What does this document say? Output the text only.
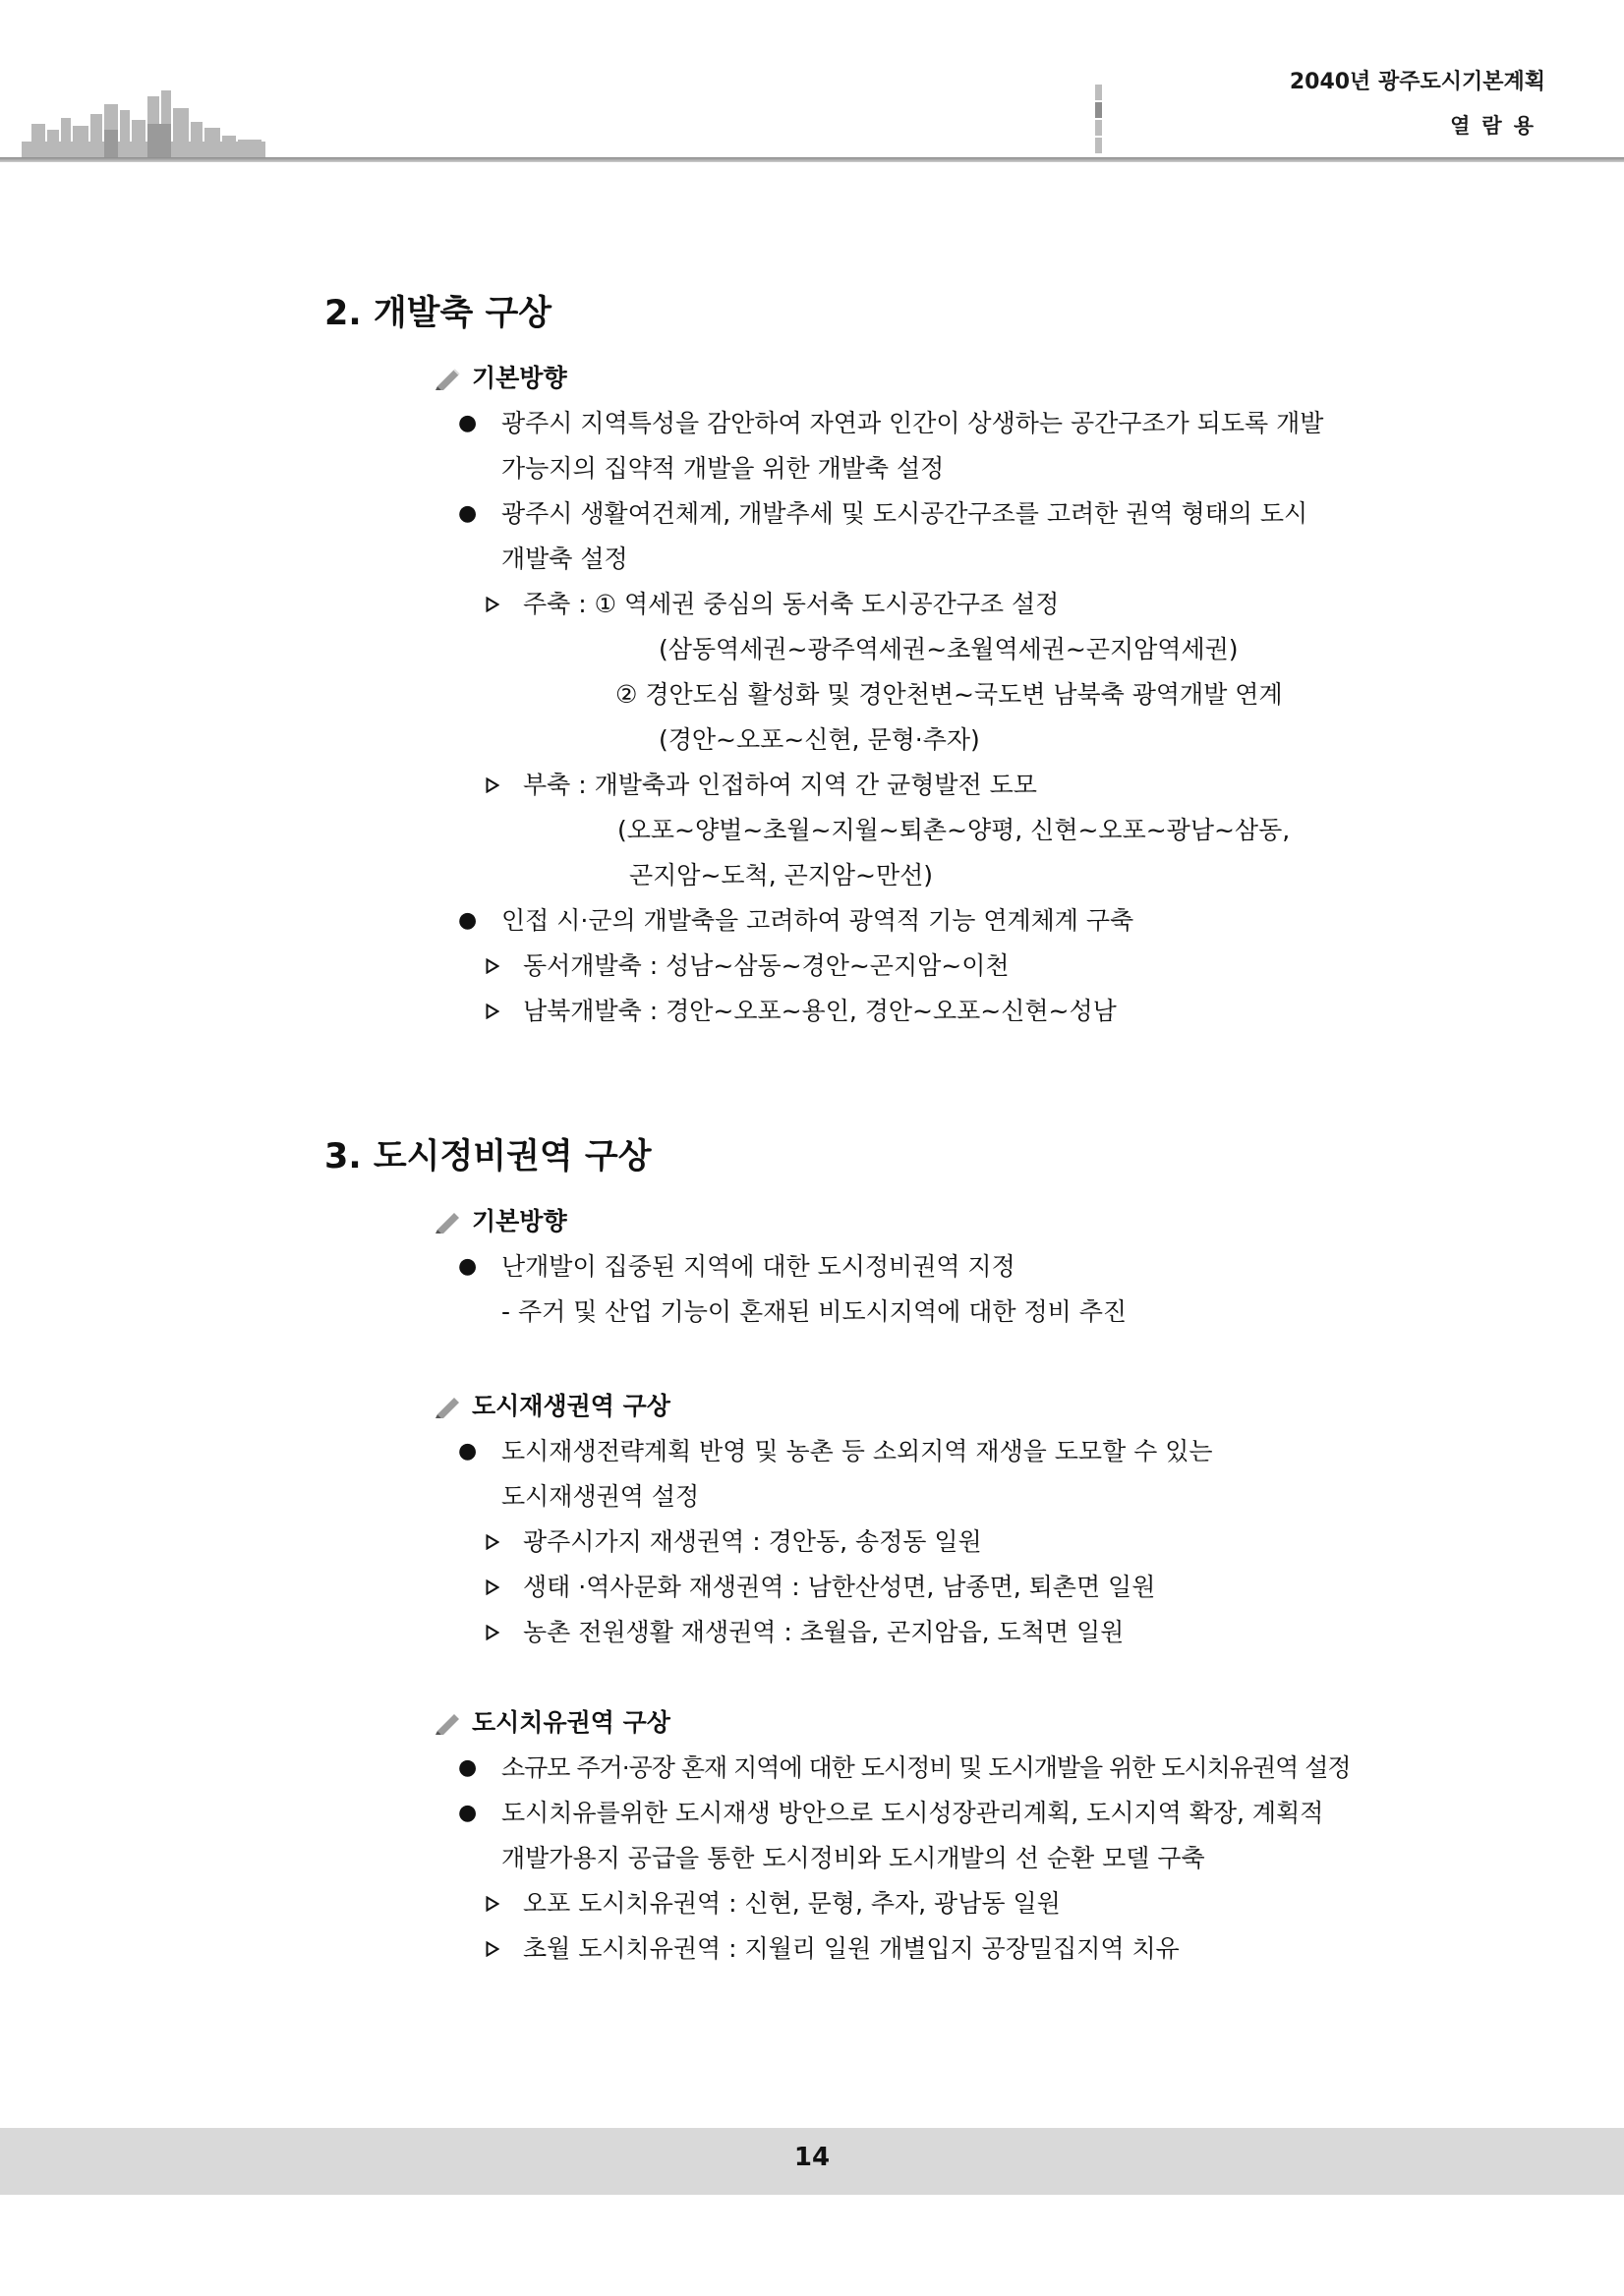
2040년 광주도시기본계획
열람용
2. 개발축 구상
기본방향
● 광주시 지역특성을 감안하여 자연과 인간이 상생하는 공간구조가 되도록 개발
가능지의 집약적 개발을 위한 개발축 설정
● 광주시 생활여건체계, 개발추세 및 도시공간구조를 고려한 권역 형태의 도시
개발축 설정
주축 : ① 역세권 중심의 동서축 도시공간구조 설정
(삼동역세권~광주역세권~초월역세권~곤지암역세권)
② 경안도심 활성화 및 경안천변~국도변 남북축 광역개발 연계
(경안~오포~신현, 문형·추자)
부축 : 개발축과 인접하여 지역 간 균형발전 도모
(오포~양벌~초월~지월~퇴촌~양평, 신현~오포~광남~삼동,
곤지암~도척, 곤지암~만선)
● 인접 시·군의 개발축을 고려하여 광역적 기능 연계체계 구축
동서개발축 : 성남~삼동~경안~곤지암~이천
남북개발축 : 경안~오포~용인, 경안~오포~신현~성남
3. 도시정비권역 구상
기본방향
● 난개발이 집중된 지역에 대한 도시정비권역 지정
- 주거 및 산업 기능이 혼재된 비도시지역에 대한 정비 추진
도시재생권역 구상
● 도시재생전략계획 반영 및 농촌 등 소외지역 재생을 도모할 수 있는
도시재생권역 설정
광주시가지 재생권역 : 경안동, 송정동 일원
생태 ·역사문화 재생권역 : 남한산성면, 남종면, 퇴촌면 일원
농촌 전원생활 재생권역 : 초월읍, 곤지암읍, 도척면 일원
도시치유권역 구상
● 소규모 주거·공장 혼재 지역에 대한 도시정비 및 도시개발을 위한 도시치유권역 설정
● 도시치유를위한 도시재생 방안으로 도시성장관리계획, 도시지역 확장, 계획적
개발가용지 공급을 통한 도시정비와 도시개발의 선 순환 모델 구축
오포 도시치유권역 : 신현, 문형, 추자, 광남동 일원
초월 도시치유권역 : 지월리 일원 개별입지 공장밀집지역 치유
14
